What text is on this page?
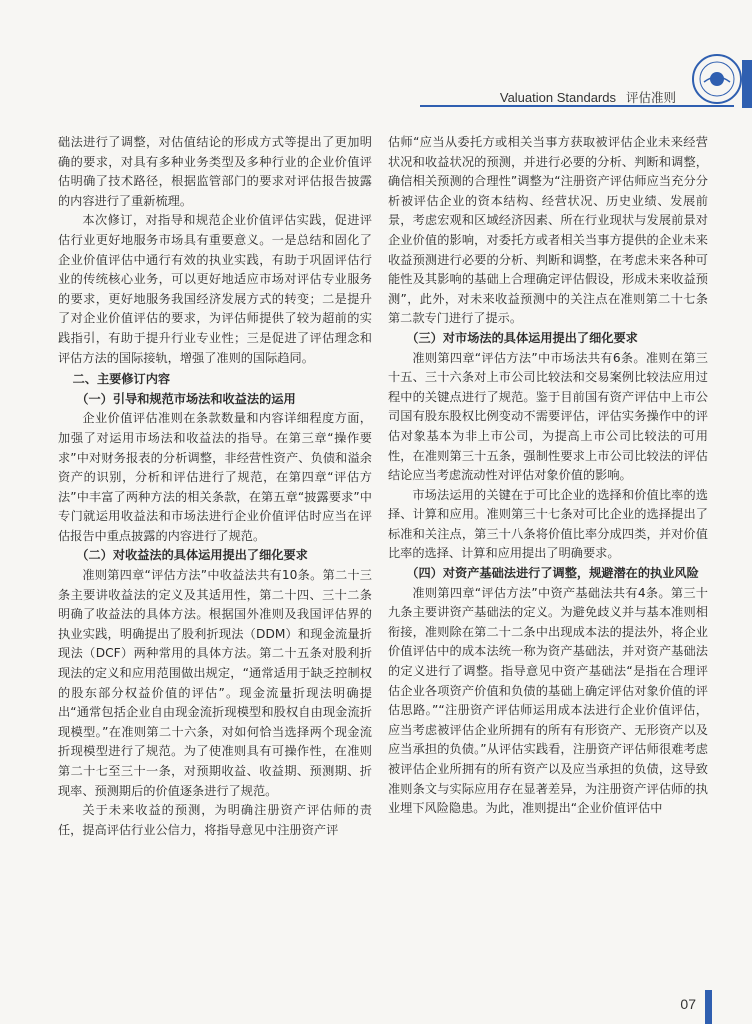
Valuation Standards 评估准则

础法进行了调整，对估值结论的形成方式等提出了更加明确的要求，对具有多种业务类型及多种行业的企业价值评估明确了技术路径，根据监管部门的要求对评估报告披露的内容进行了重新梳理。

本次修订，对指导和规范企业价值评估实践，促进评估行业更好地服务市场具有重要意义。一是总结和固化了企业价值评估中通行有效的执业实践，有助于巩固评估行业的传统核心业务，可以更好地适应市场对评估专业服务的要求，更好地服务我国经济发展方式的转变；二是提升了对企业价值评估的要求，为评估师提供了较为超前的实践指引，有助于提升行业专业性；三是促进了评估理念和评估方法的国际接轨，增强了准则的国际趋同。

二、主要修订内容

（一）引导和规范市场法和收益法的运用

企业价值评估准则在条款数量和内容详细程度方面，加强了对运用市场法和收益法的指导。在第三章“操作要求”中对财务报表的分析调整，非经营性资产、负债和溢余资产的识别，分析和评估进行了规范，在第四章“评估方法”中丰富了两种方法的相关条款，在第五章“披露要求”中专门就运用收益法和市场法进行企业价值评估时应当在评估报告中重点披露的内容进行了规范。

（二）对收益法的具体运用提出了细化要求

准则第四章“评估方法”中收益法共有10条。第二十三条主要讲收益法的定义及其适用性，第二十四、三十二条明确了收益法的具体方法。根据国外准则及我国评估界的执业实践，明确提出了股利折现法（DDM）和现金流量折现法（DCF）两种常用的具体方法。第二十五条对股利折现法的定义和应用范围做出规定，“通常适用于缺乏控制权的股东部分权益价值的评估”。现金流量折现法明确提出“通常包括企业自由现金流折现模型和股权自由现金流折现模型。”在准则第二十六条，对如何恰当选择两个现金流折现模型进行了规范。为了使准则具有可操作性，在准则第二十七至三十一条，对预期收益、收益期、预测期、折现率、预测期后的价值逐条进行了规范。

关于未来收益的预测，为明确注册资产评估师的责任，提高评估行业公信力，将指导意见中注册资产评

估师“应当从委托方或相关当事方获取被评估企业未来经营状况和收益状况的预测，并进行必要的分析、判断和调整，确信相关预测的合理性”调整为“注册资产评估师应当充分分析被评估企业的资本结构、经营状况、历史业绩、发展前景，考虑宏观和区域经济因素、所在行业现状与发展前景对企业价值的影响，对委托方或者相关当事方提供的企业未来收益预测进行必要的分析、判断和调整，在考虑未来各种可能性及其影响的基础上合理确定评估假设，形成未来收益预测”，此外，对未来收益预测中的关注点在准则第二十七条第二款专门进行了提示。

（三）对市场法的具体运用提出了细化要求

准则第四章“评估方法”中市场法共有6条。准则在第三十五、三十六条对上市公司比较法和交易案例比较法应用过程中的关键点进行了规范。鉴于目前国有资产评估中上市公司国有股东股权比例变动不需要评估，评估实务操作中的评估对象基本为非上市公司，为提高上市公司比较法的可用性，在准则第三十五条，强制性要求上市公司比较法的评估结论应当考虑流动性对评估对象价值的影响。

市场法运用的关键在于可比企业的选择和价值比率的选择、计算和应用。准则第三十七条对可比企业的选择提出了标准和关注点，第三十八条将价值比率分成四类，并对价值比率的选择、计算和应用提出了明确要求。

（四）对资产基础法进行了调整，规避潜在的执业风险

准则第四章“评估方法”中资产基础法共有4条。第三十九条主要讲资产基础法的定义。为避免歧义并与基本准则相衔接，准则除在第二十二条中出现成本法的提法外，将企业价值评估中的成本法统一称为资产基础法，并对资产基础法的定义进行了调整。指导意见中资产基础法“是指在合理评估企业各项资产价值和负债的基础上确定评估对象价值的评估思路。”“注册资产评估师运用成本法进行企业价值评估，应当考虑被评估企业所拥有的所有有形资产、无形资产以及应当承担的负债。”从评估实践看，注册资产评估师很难考虑被评估企业所拥有的所有资产以及应当承担的负债，这导致准则条文与实际应用存在显著差异，为注册资产评估师的执业埋下风险隐患。为此，准则提出“企业价值评估中

07
